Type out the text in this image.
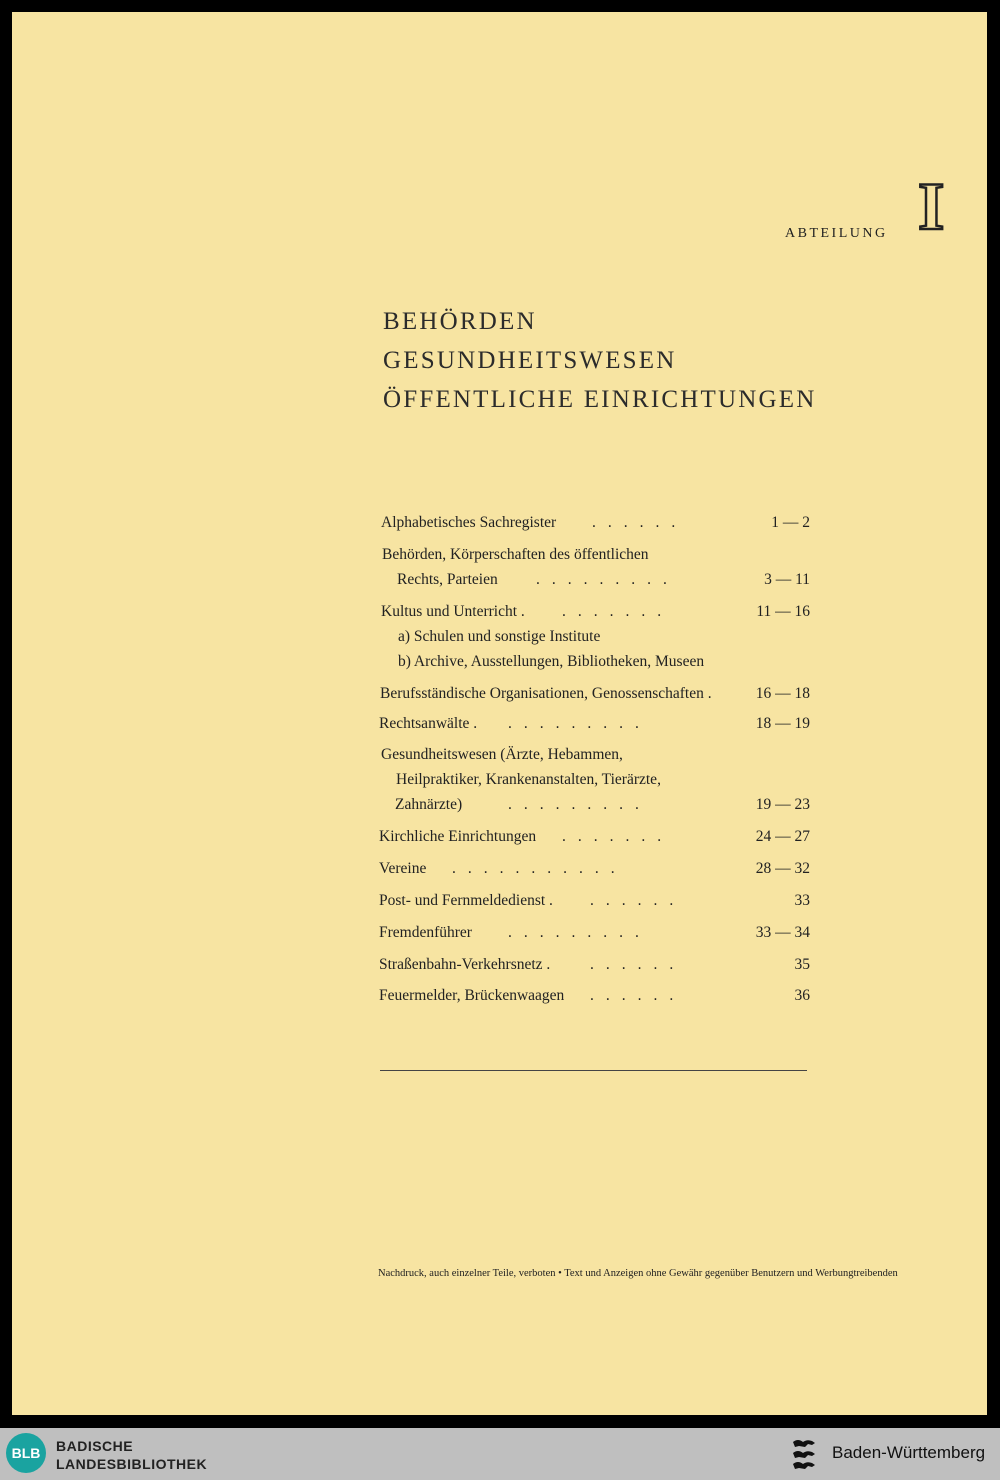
ABTEILUNG I
BEHÖRDEN
GESUNDHEITSWESEN
ÖFFENTLICHE EINRICHTUNGEN
Alphabetisches Sachregister ......	1 — 2
Behörden, Körperschaften des öffentlichen
Rechts, Parteien .........	3 — 11
Kultus und Unterricht . .......	11 — 16
a) Schulen und sonstige Institute
b) Archive, Ausstellungen, Bibliotheken, Museen
Berufsständische Organisationen, Genossenschaften .	16 — 18
Rechtsanwälte . .........	18 — 19
Gesundheitswesen (Ärzte, Hebammen,
Heilpraktiker, Krankenanstalten, Tierärzte,
Zahnärzte)	.........	19 — 23
Kirchliche Einrichtungen .......	24 — 27
Vereine ...........	28 — 32
Post- und Fernmeldedienst . ......	33
Fremdenführer .........	33 — 34
Straßenbahn-Verkehrsnetz .	......	35
Feuermelder, Brückenwaagen ......	36
Nachdruck, auch einzelner Teile, verboten • Text und Anzeigen ohne Gewähr gegenüber Benutzern und Werbungtreibenden
BLB	BADISCHE
LANDESBIBLIOTHEK
Baden-Württemberg
